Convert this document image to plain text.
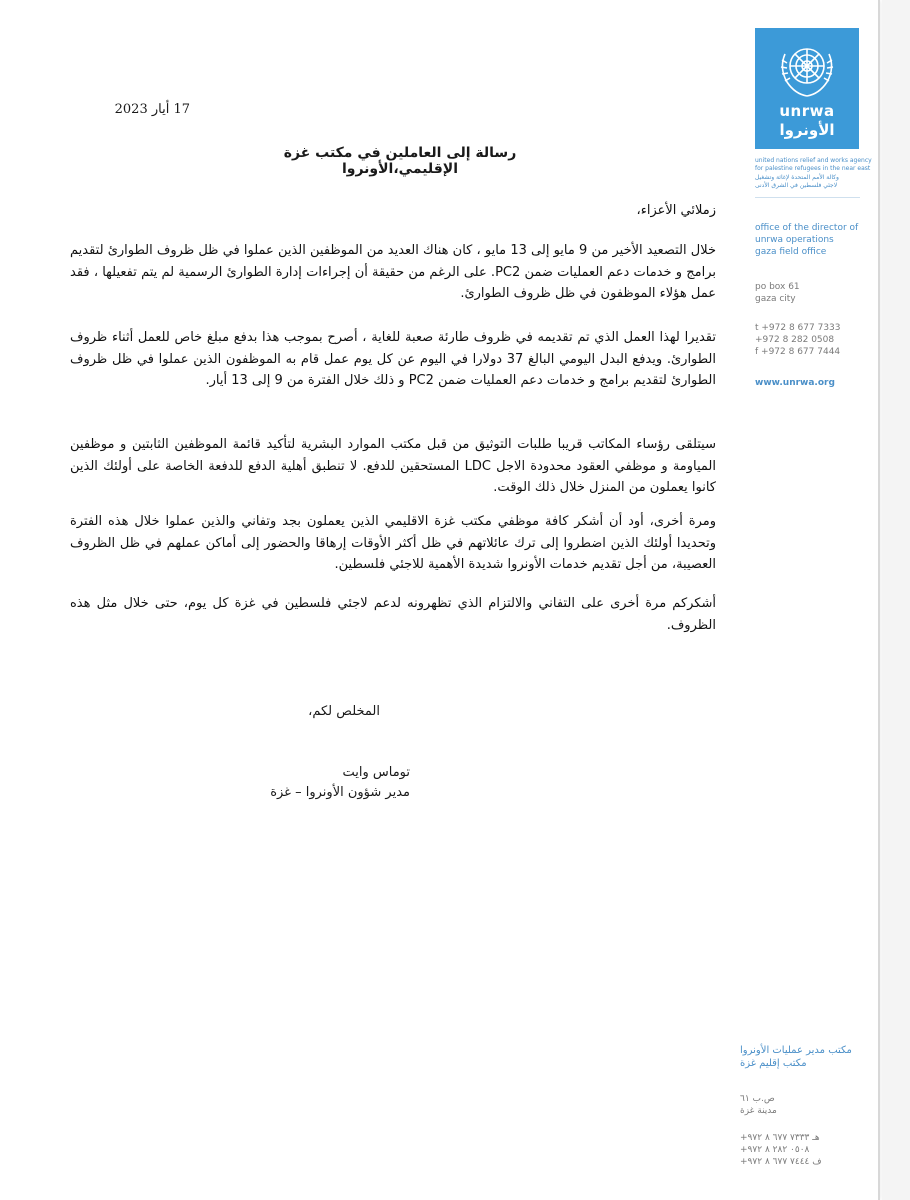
unrwa
الأونروا
united nations relief and works agency
for palestine refugees in the near east
وكالة الأمم المتحدة لإغاثة وتشغيل
لاجئي فلسطين في الشرق الأدنى
office of the director of
unrwa operations
gaza field office
po box 61
gaza city
t +972 8 677 7333
+972 8 282 0508
f +972 8 677 7444
www.unrwa.org
مكتب مدير عمليات الأونروا
مكتب إقليم غزة
ص.ب ٦١
مدينة غزة
هـ ٧٣٣٣ ٦٧٧ ٨ ٩٧٢+
٠٥٠٨ ٢٨٢ ٨ ٩٧٢+
ف ٧٤٤٤ ٦٧٧ ٨ ٩٧٢+
17 أيار 2023
رسالة إلى العاملين في مكتب غزة الإقليمي،الأونروا

زملائي الأعزاء،

خلال التصعيد الأخير من 9 مايو إلى 13 مايو ، كان هناك العديد من الموظفين الذين عملوا في ظل ظروف الطوارئ لتقديم برامج و خدمات دعم العمليات ضمن PC2. على الرغم من حقيقة أن إجراءات إدارة الطوارئ الرسمية لم يتم تفعيلها ، فقد عمل هؤلاء الموظفون في ظل ظروف الطوارئ.

تقديرا لهذا العمل الذي تم تقديمه في ظروف طارئة صعبة للغاية ، أصرح بموجب هذا بدفع مبلغ خاص للعمل أثناء ظروف الطوارئ. ويدفع البدل اليومي البالغ 37 دولارا في اليوم عن كل يوم عمل قام به الموظفون الذين عملوا في ظل ظروف الطوارئ لتقديم برامج و خدمات دعم العمليات ضمن PC2 و ذلك خلال الفترة من 9 إلى 13 أيار.

سيتلقى رؤساء المكاتب قريبا طلبات التوثيق من قبل مكتب الموارد البشرية لتأكيد قائمة الموظفين الثابتين و موظفين المياومة و موظفي العقود محدودة الاجل LDC المستحقين للدفع. لا تنطبق أهلية الدفع للدفعة الخاصة على أولئك الذين كانوا يعملون من المنزل خلال ذلك الوقت.

ومرة أخرى، أود أن أشكر كافة موظفي مكتب غزة الاقليمي الذين يعملون بجد وتفاني والذين عملوا خلال هذه الفترة وتحديدا أولئك الذين اضطروا إلى ترك عائلاتهم في ظل أكثر الأوقات إرهاقا والحضور إلى أماكن عملهم في ظل الظروف العصيبة، من أجل تقديم خدمات الأونروا شديدة الأهمية للاجئي فلسطين.

أشكركم مرة أخرى على التفاني والالتزام الذي تظهرونه لدعم لاجئي فلسطين في غزة كل يوم، حتى خلال مثل هذه الظروف.

المخلص لكم،
توماس وايت
مدير شؤون الأونروا – غزة
